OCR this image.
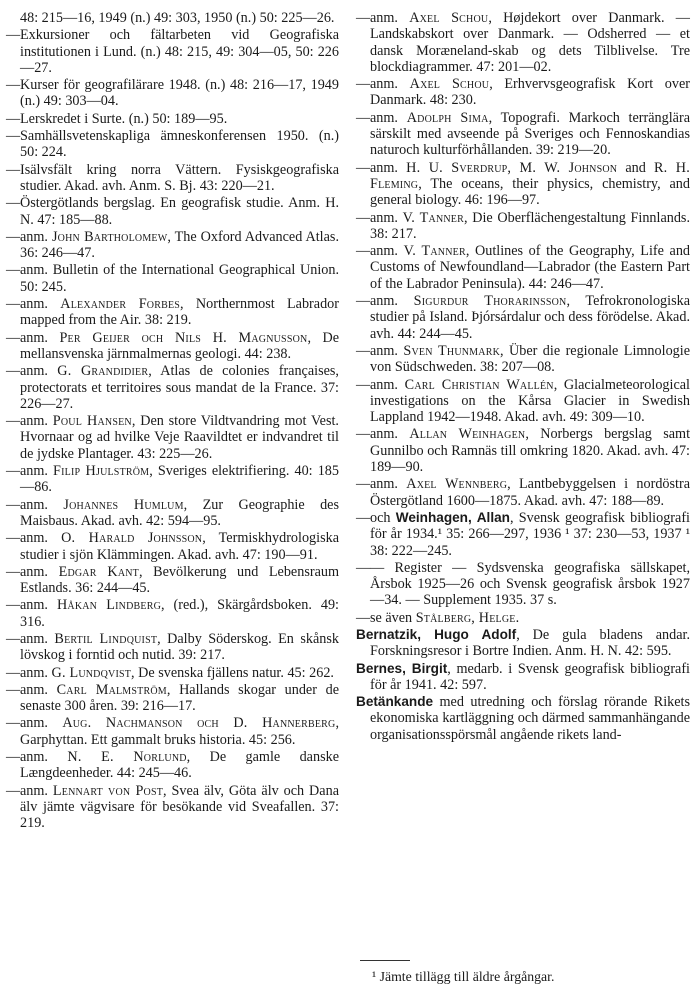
48: 215—16, 1949 (n.) 49: 303, 1950 (n.) 50: 225—26.
—Exkursioner och fältarbeten vid Geografiska institutionen i Lund. (n.) 48: 215, 49: 304—05, 50: 226—27.
—Kurser för geografilärare 1948. (n.) 48: 216—17, 1949 (n.) 49: 303—04.
—Lerskredet i Surte. (n.) 50: 189—95.
—Samhällsvetenskapliga ämneskonferensen 1950. (n.) 50: 224.
—Isälvsfält kring norra Vättern. Fysiskgeografiska studier. Akad. avh. Anm. S. Bj. 43: 220—21.
—Östergötlands bergslag. En geografisk studie. Anm. H. N. 47: 185—88.
—anm. John Bartholomew, The Oxford Advanced Atlas. 36: 246—47.
—anm. Bulletin of the International Geographical Union. 50: 245.
—anm. Alexander Forbes, Northernmost Labrador mapped from the Air. 38: 219.
—anm. Per Geijer och Nils H. Magnusson, De mellansvenska järnmalmernas geologi. 44: 238.
—anm. G. Grandidier, Atlas de colonies françaises, protectorats et territoires sous mandat de la France. 37: 226—27.
—anm. Poul Hansen, Den store Vildtvandring mot Vest. Hvornaar og ad hvilke Veje Raavildtet er indvandret til de jydske Plantager. 43: 225—26.
—anm. Filip Hjulström, Sveriges elektrifiering. 40: 185—86.
—anm. Johannes Humlum, Zur Geographie des Maisbaus. Akad. avh. 42: 594—95.
—anm. O. Harald Johnsson, Termiskhydrologiska studier i sjön Klämmingen. Akad. avh. 47: 190—91.
—anm. Edgar Kant, Bevölkerung und Lebensraum Estlands. 36: 244—45.
—anm. Håkan Lindberg, (red.), Skärgårdsboken. 49: 316.
—anm. Bertil Lindquist, Dalby Söderskog. En skånsk lövskog i forntid och nutid. 39: 217.
—anm. G. Lundqvist, De svenska fjällens natur. 45: 262.
—anm. Carl Malmström, Hallands skogar under de senaste 300 åren. 39: 216—17.
—anm. Aug. Nachmanson och D. Hannerberg, Garphyttan. Ett gammalt bruks historia. 45: 256.
—anm. N. E. Norlund, De gamle danske Længdeenheder. 44: 245—46.
—anm. Lennart von Post, Svea älv, Göta älv och Dana älv jämte vägvisare för besökande vid Sveafallen. 37: 219.
—anm. Axel Schou, Højdekort over Danmark. — Landskabskort over Danmark. — Odsherred — et dansk Moræneland-skab og dets Tilblivelse. Tre blockdiagrammer. 47: 201—02.
—anm. Axel Schou, Erhvervsgeografisk Kort over Danmark. 48: 230.
—anm. Adolph Sima, Topografi. Markoch terränglära särskilt med avseende på Sveriges och Fennoskandias naturoch kulturförhållanden. 39: 219—20.
—anm. H. U. Sverdrup, M. W. Johnson and R. H. Fleming, The oceans, their physics, chemistry, and general biology. 46: 196—97.
—anm. V. Tanner, Die Oberflächengestaltung Finnlands. 38: 217.
—anm. V. Tanner, Outlines of the Geography, Life and Customs of Newfoundland—Labrador (the Eastern Part of the Labrador Peninsula). 44: 246—47.
—anm. Sigurdur Thorarinsson, Tefrokronologiska studier på Island. Þjórsárdalur och dess förödelse. Akad. avh. 44: 244—45.
—anm. Sven Thunmark, Über die regionale Limnologie von Südschweden. 38: 207—08.
—anm. Carl Christian Wallén, Glacialmeteorological investigations on the Kårsa Glacier in Swedish Lappland 1942—1948. Akad. avh. 49: 309—10.
—anm. Allan Weinhagen, Norbergs bergslag samt Gunnilbo och Ramnäs till omkring 1820. Akad. avh. 47: 189—90.
—anm. Axel Wennberg, Lantbebyggelsen i nordöstra Östergötland 1600—1875. Akad. avh. 47: 188—89.
—och Weinhagen, Allan, Svensk geografisk bibliografi för år 1934.¹ 35: 266—297, 1936 ¹ 37: 230—53, 1937 ¹ 38: 222—245.
—— Register — Sydsvenska geografiska sällskapet, Årsbok 1925—26 och Svensk geografisk årsbok 1927—34. — Supplement 1935. 37 s.
—se även Stålberg, Helge.
Bernatzik, Hugo Adolf, De gula bladens andar. Forskningsresor i Bortre Indien. Anm. H. N. 42: 595.
Bernes, Birgit, medarb. i Svensk geografisk bibliografi för år 1941. 42: 597.
Betänkande med utredning och förslag rörande Rikets ekonomiska kartläggning och därmed sammanhängande organisationsspörsmål angående rikets land-
¹ Jämte tillägg till äldre årgångar.
